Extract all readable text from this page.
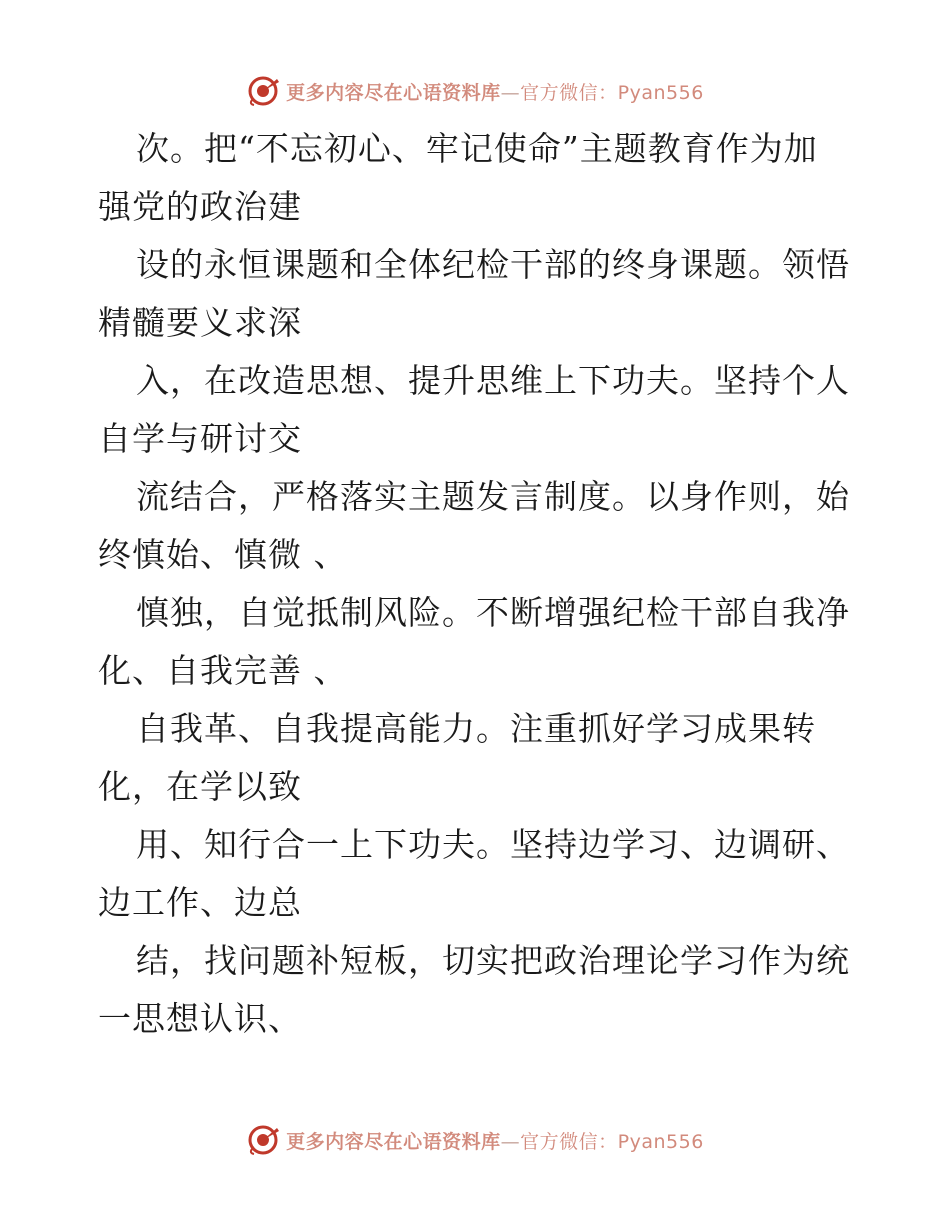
更多内容尽在心语资料库—官方微信：Pyan556
次。把“不忘初心、牢记使命”主题教育作为加
强党的政治建
设的永恒课题和全体纪检干部的终身课题。领悟
精髓要义求深
入，在改造思想、提升思维上下功夫。坚持个人
自学与研讨交
流结合，严格落实主题发言制度。以身作则，始
终慎始、慎微 、
慎独，自觉抵制风险。不断增强纪检干部自我净
化、自我完善 、
自我革、自我提高能力。注重抓好学习成果转
化，在学以致
用、知行合一上下功夫。坚持边学习、边调研、
边工作、边总
结，找问题补短板，切实把政治理论学习作为统
一思想认识、
更多内容尽在心语资料库—官方微信：Pyan556
